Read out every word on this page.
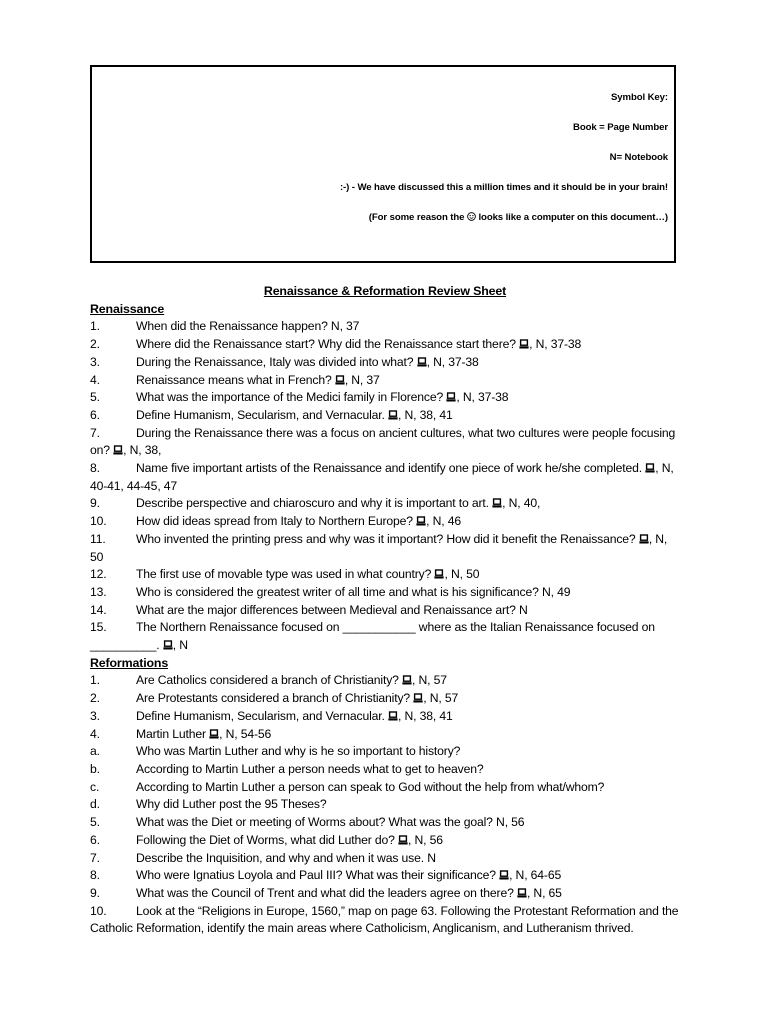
Symbol Key:
Book = Page Number
N= Notebook
:-) - We have discussed this a million times and it should be in your brain!
(For some reason the  looks like a computer on this document…)
Renaissance & Reformation Review Sheet
Renaissance
1.	When did the Renaissance happen? N, 37
2.	Where did the Renaissance start? Why did the Renaissance start there? , N, 37-38
3.	During the Renaissance, Italy was divided into what? , N, 37-38
4.	Renaissance means what in French? , N, 37
5.	What was the importance of the Medici family in Florence? , N, 37-38
6.	Define Humanism, Secularism, and Vernacular. , N, 38, 41
7.	During the Renaissance there was a focus on ancient cultures, what two cultures were people focusing on? , N, 38,
8.	Name five important artists of the Renaissance and identify one piece of work he/she completed. , N, 40-41, 44-45, 47
9.	Describe perspective and chiaroscuro and why it is important to art. , N, 40,
10. How did ideas spread from Italy to Northern Europe? , N, 46
11. Who invented the printing press and why was it important? How did it benefit the Renaissance? , N, 50
12. The first use of movable type was used in what country? , N, 50
13. Who is considered the greatest writer of all time and what is his significance? N, 49
14. What are the major differences between Medieval and Renaissance art? N
15. The Northern Renaissance focused on ___________ where as the Italian Renaissance focused on __________. , N
Reformations
1.	Are Catholics considered a branch of Christianity? , N, 57
2.	Are Protestants considered a branch of Christianity? , N, 57
3.	Define Humanism, Secularism, and Vernacular. , N, 38, 41
4.	Martin Luther , N, 54-56
a.	Who was Martin Luther and why is he so important to history?
b.	According to Martin Luther a person needs what to get to heaven?
c.	According to Martin Luther a person can speak to God without the help from what/whom?
d.	Why did Luther post the 95 Theses?
5.	What was the Diet or meeting of Worms about? What was the goal? N, 56
6.	Following the Diet of Worms, what did Luther do? , N, 56
7.	Describe the Inquisition, and why and when it was use. N
8.	Who were Ignatius Loyola and Paul III? What was their significance? , N, 64-65
9.	What was the Council of Trent and what did the leaders agree on there? , N, 65
10. Look at the “Religions in Europe, 1560,” map on page 63. Following the Protestant Reformation and the Catholic Reformation, identify the main areas where Catholicism, Anglicanism, and Lutheranism thrived.
